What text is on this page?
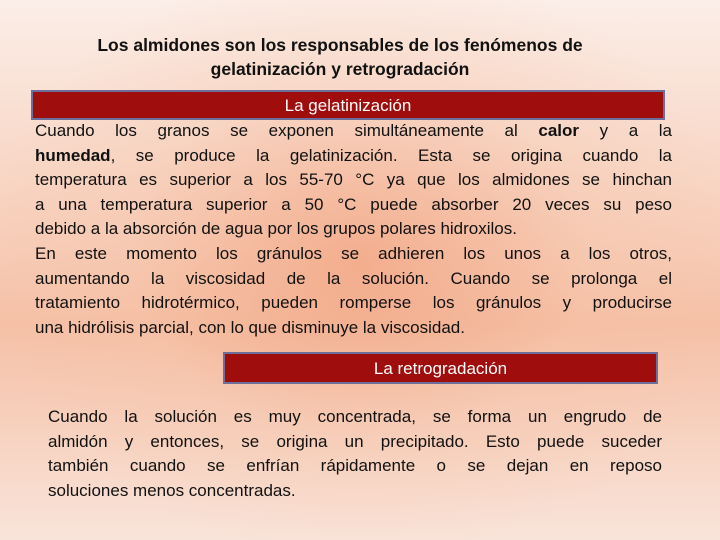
Los almidones son los responsables de los fenómenos de
gelatinización y retrogradación
La gelatinización

Cuando los granos se exponen simultáneamente al calor y a la
humedad, se produce la gelatinización. Esta se origina cuando la
temperatura es superior a los 55-70 °C ya que los almidones se hinchan
a una temperatura superior a 50 °C puede absorber 20 veces su peso
debido a la absorción de agua por los grupos polares hidroxilos.
En este momento los gránulos se adhieren los unos a los otros,
aumentando la viscosidad de la solución. Cuando se prolonga el
tratamiento hidrotérmico, pueden romperse los gránulos y producirse
una hidrólisis parcial, con lo que disminuye la viscosidad.

La retrogradación

Cuando la solución es muy concentrada, se forma un engrudo de
almidón y entonces, se origina un precipitado. Esto puede suceder
también cuando se enfrían rápidamente o se dejan en reposo
soluciones menos concentradas.
